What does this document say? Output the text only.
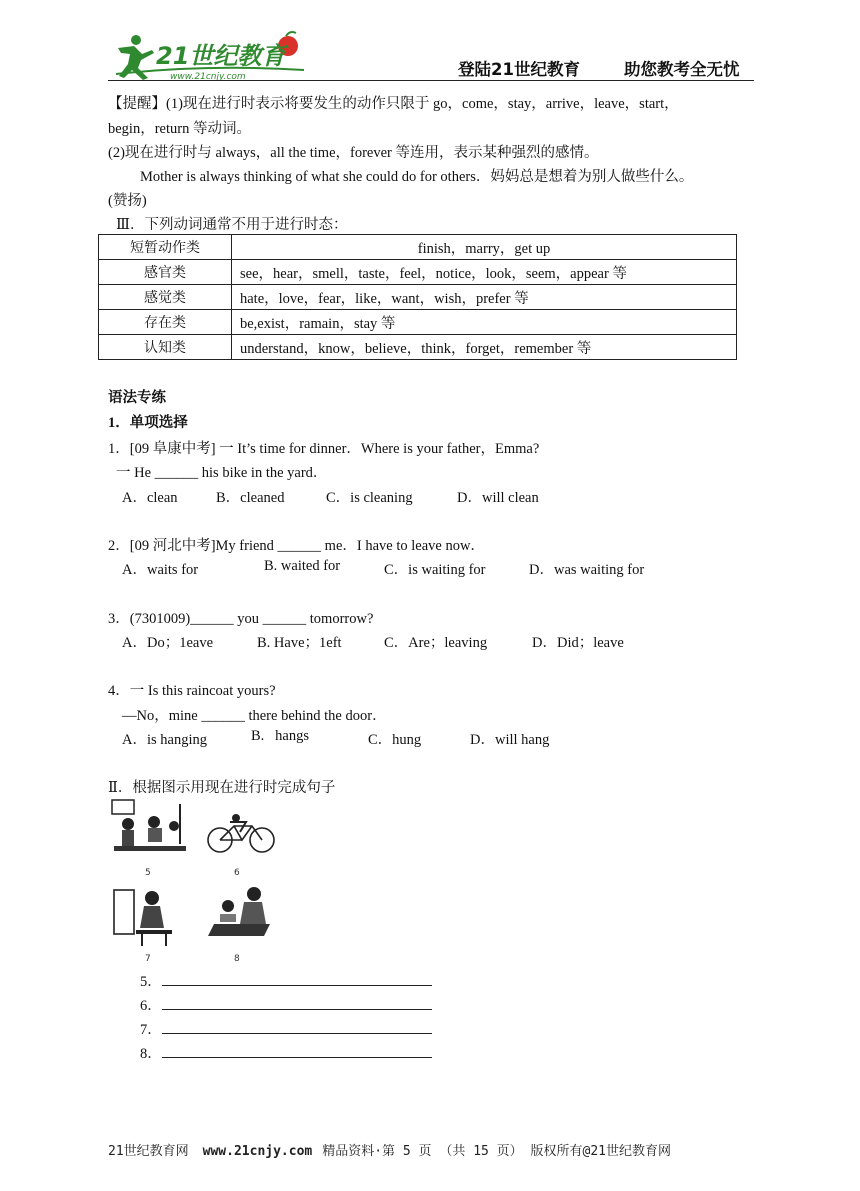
21世纪教育
www.21cnjy.com	登陆21世纪教育	助您教考全无忧
【提醒】(1)现在进行时表示将要发生的动作只限于 go，come，stay，arrive，leave，start，
begin，return 等动词。
(2)现在进行时与 always，all the time，forever 等连用，表示某种强烈的感情。
Mother is always thinking of what she could do for others．妈妈总是想着为别人做些什么。
(赞扬)
Ⅲ．下列动词通常不用于进行时态：
短暂动作类	finish，marry，get up
感官类	see，hear，smell，taste，feel，notice，look，seem，appear 等
感觉类	hate，love，fear，like，want，wish，prefer 等
存在类	be,exist，ramain，stay 等
认知类	understand，know，believe，think，forget，remember 等
语法专练
1．单项选择
1．[09 阜康中考] 一 It’s time for dinner．Where is your father，Emma?
一 He ______ his bike in the yard．
A．clean	B．cleaned	C．is cleaning	D．will clean
2．[09 河北中考]My friend ______ me．I have to leave now．
A．waits for	B. waited for	C．is waiting for	D．was waiting for
3．(7301009)______ you ______ tomorrow?
A．Do；1eave	B. Have；1eft	C．Are；leaving	D．Did；leave
4．一 Is this raincoat yours?
—No，mine ______ there behind the door．
A．is hanging	B.   hangs	C．hung	D．will hang
Ⅱ．根据图示用现在进行时完成句子
5	6
7	8
5．
6．
7．
8．
21世纪教育网 www.21cnjy.com 精品资料·第 5 页 （共 15 页） 版权所有@21世纪教育网
